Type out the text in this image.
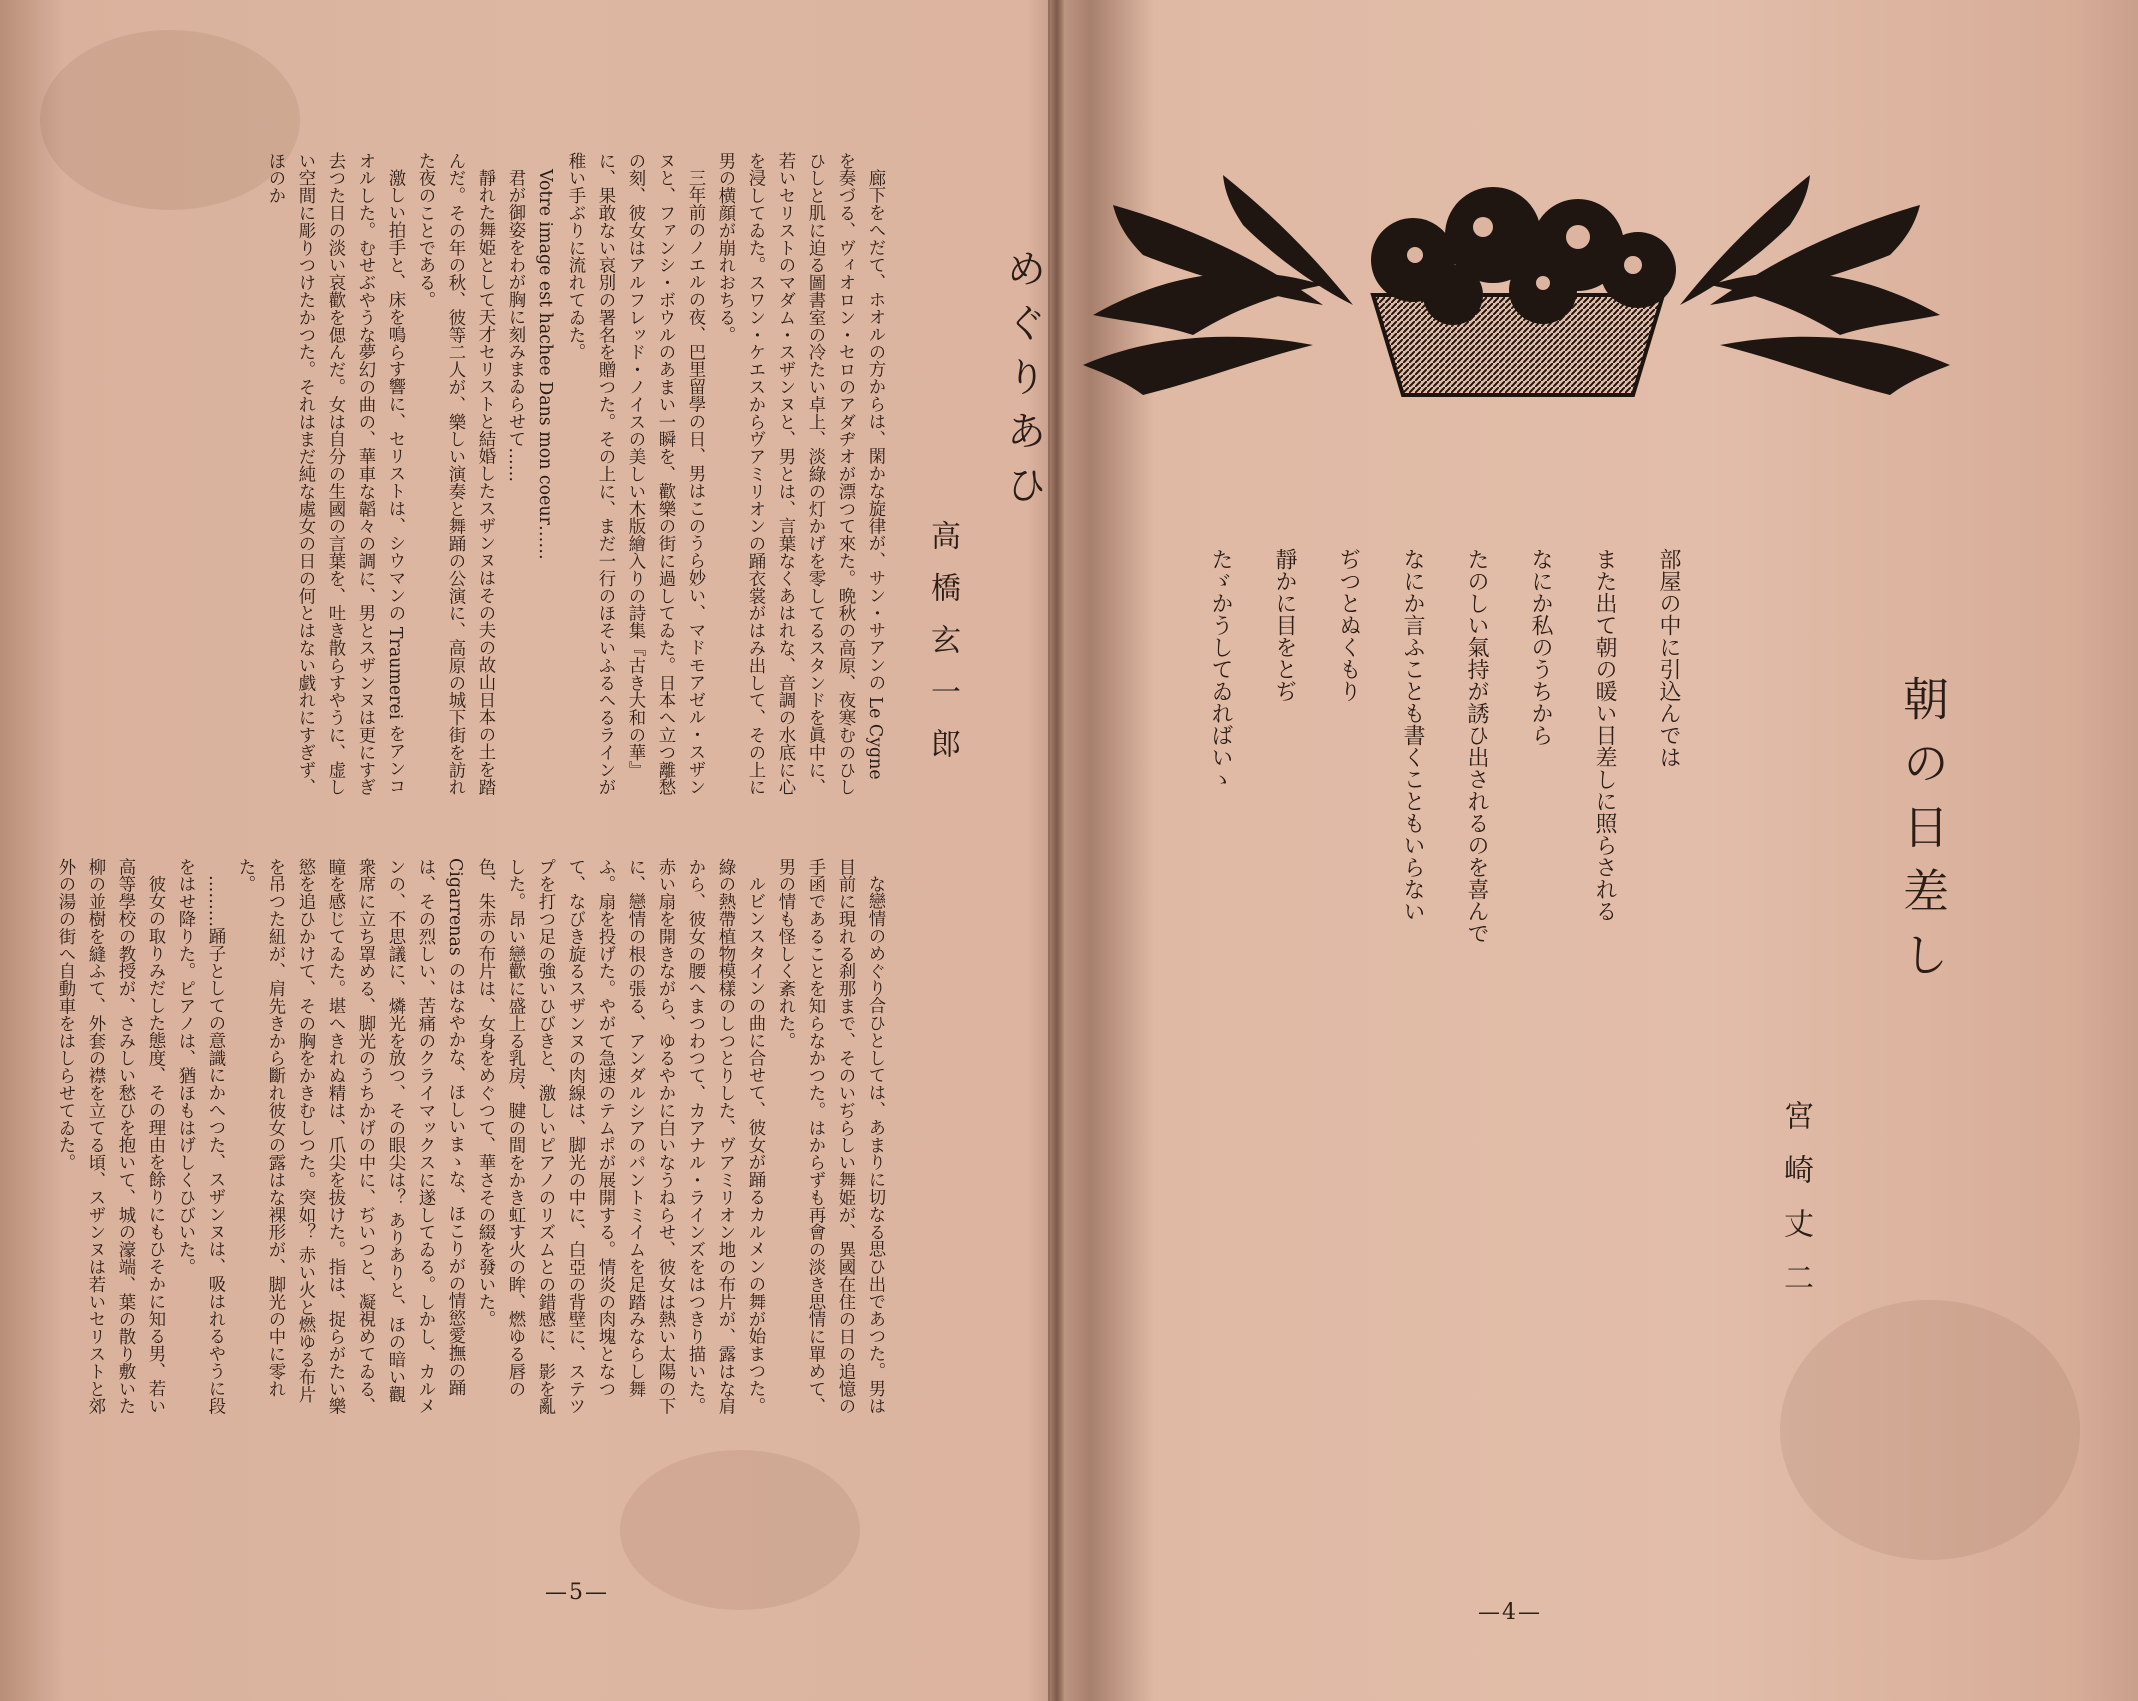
めぐりあひ
高橋玄一郎

廊下をへだて、ホオルの方からは、閑かな旋律が、サン・サアンの Le Cygne を奏づる、ヴィオロン・セロのアダヂオが漂つて來た。晩秋の高原、夜寒むのひしひしと肌に迫る圖書室の冷たい卓上、淡綠の灯かげを零してるスタンドを眞中に、若いセリストのマダム・スザンヌと、男とは、言葉なくあはれな、音調の水底に心を浸してゐた。スワン・ケエスからヴアミリオンの踊衣裳がはみ出して、その上に男の横顔が崩れおちる。

三年前のノエルの夜、巴里留學の日、男はこのうら妙い、マドモアゼル・スザンヌと、ファンシ・ボウルのあまい一瞬を、歡樂の街に過してゐた。日本へ立つ離愁の刻、彼女はアルフレッド・ノイスの美しい木版繪入りの詩集『古き大和の華』に、果敢ない哀別の署名を贈つた。その上に、まだ一行のほそいふるへるラインが稚い手ぶりに流れてゐた。

Votre image est hachee Dans mon coeur……

君が御姿をわが胸に刻みまゐらせて……

靜れた舞姫として天才セリストと結婚したスザンヌはその夫の故山日本の土を踏んだ。その年の秋、彼等二人が、樂しい演奏と舞踊の公演に、高原の城下街を訪れた夜のことである。

激しい拍手と、床を鳴らす響に、セリストは、シウマンの Traumerei をアンコオルした。むせぶやうな夢幻の曲の、華車な韜々の調に、男とスザンヌは更にすぎ去つた日の淡い哀歡を偲んだ。女は自分の生國の言葉を、吐き散らすやうに、虚しい空間に彫りつけたかつた。それはまだ純な處女の日の何とはない戯れにすぎず、ほのか

な戀情のめぐり合ひとしては、あまりに切なる思ひ出であつた。男は目前に現れる刹那まで、そのいぢらしい舞姫が、異國在住の日の追憶の手函であることを知らなかつた。はからずも再會の淡き思情に單めて、男の情も怪しく紊れた。

ルビンスタインの曲に合せて、彼女が踊るカルメンの舞が始まつた。綠の熱帶植物模樣のしつとりした、ヴアミリオン地の布片が、露はな肩から、彼女の腰へまつわつて、カアナル・ラインズをはつきり描いた。赤い扇を開きながら、ゆるやかに白いなうねらせ、彼女は熱い太陽の下に、戀情の根の張る、アンダルシアのパントミイムを足踏みならし舞ふ。扇を投げた。やがて急速のテムポが展開する。情炎の肉塊となつて、なびき旋るスザンヌの肉線は、脚光の中に、白亞の背壁に、ステツプを打つ足の強いひびきと、激しいピアノのリズムとの錯感に、影を亂した。昂い戀歡に盛上る乳房、腱の間をかき虹す火の眸、燃ゆる唇の色、朱赤の布片は、女身をめぐつて、華さその綴を發いた。Cigarrenas のはなやかな、ほしいまゝな、ほこりがの情慾愛撫の踊は、その烈しい、苦痛のクライマックスに遂してゐる。しかし、カルメンの、不思議に、燐光を放つ、その眼尖は？ ありありと、ほの暗い觀衆席に立ち罩める、脚光のうちかげの中に、ぢいつと、凝視めてゐる、瞳を感じてゐた。堪へきれぬ精は、爪尖を拔けた。指は、捉らがたい樂慾を追ひかけて、その胸をかきむしつた。突如？ 赤い火と燃ゆる布片を吊つた紐が、肩先きから斷れ彼女の露はな裸形が、脚光の中に零れた。

………踊子としての意識にかへつた、スザンヌは、吸はれるやうに段をはせ降りた。ピアノは、猶ほもはげしくひびいた。

彼女の取りみだした態度、その理由を餘りにもひそかに知る男、若い高等學校の教授が、さみしい愁ひを抱いて、城の濠端、葉の散り敷いた柳の並樹を縫ふて、外套の襟を立てる頃、スザンヌは若いセリストと郊外の湯の街へ自動車をはしらせてゐた。

—5—
朝の日差し
宮崎丈二
部屋の中に引込んでは
また出て朝の暖い日差しに照らされる
なにか私のうちから
たのしい氣持が誘ひ出されるのを喜んで
なにか言ふことも書くこともいらない
ぢつとぬくもり
靜かに目をとぢ
たゞかうしてゐればいゝ
—4—
